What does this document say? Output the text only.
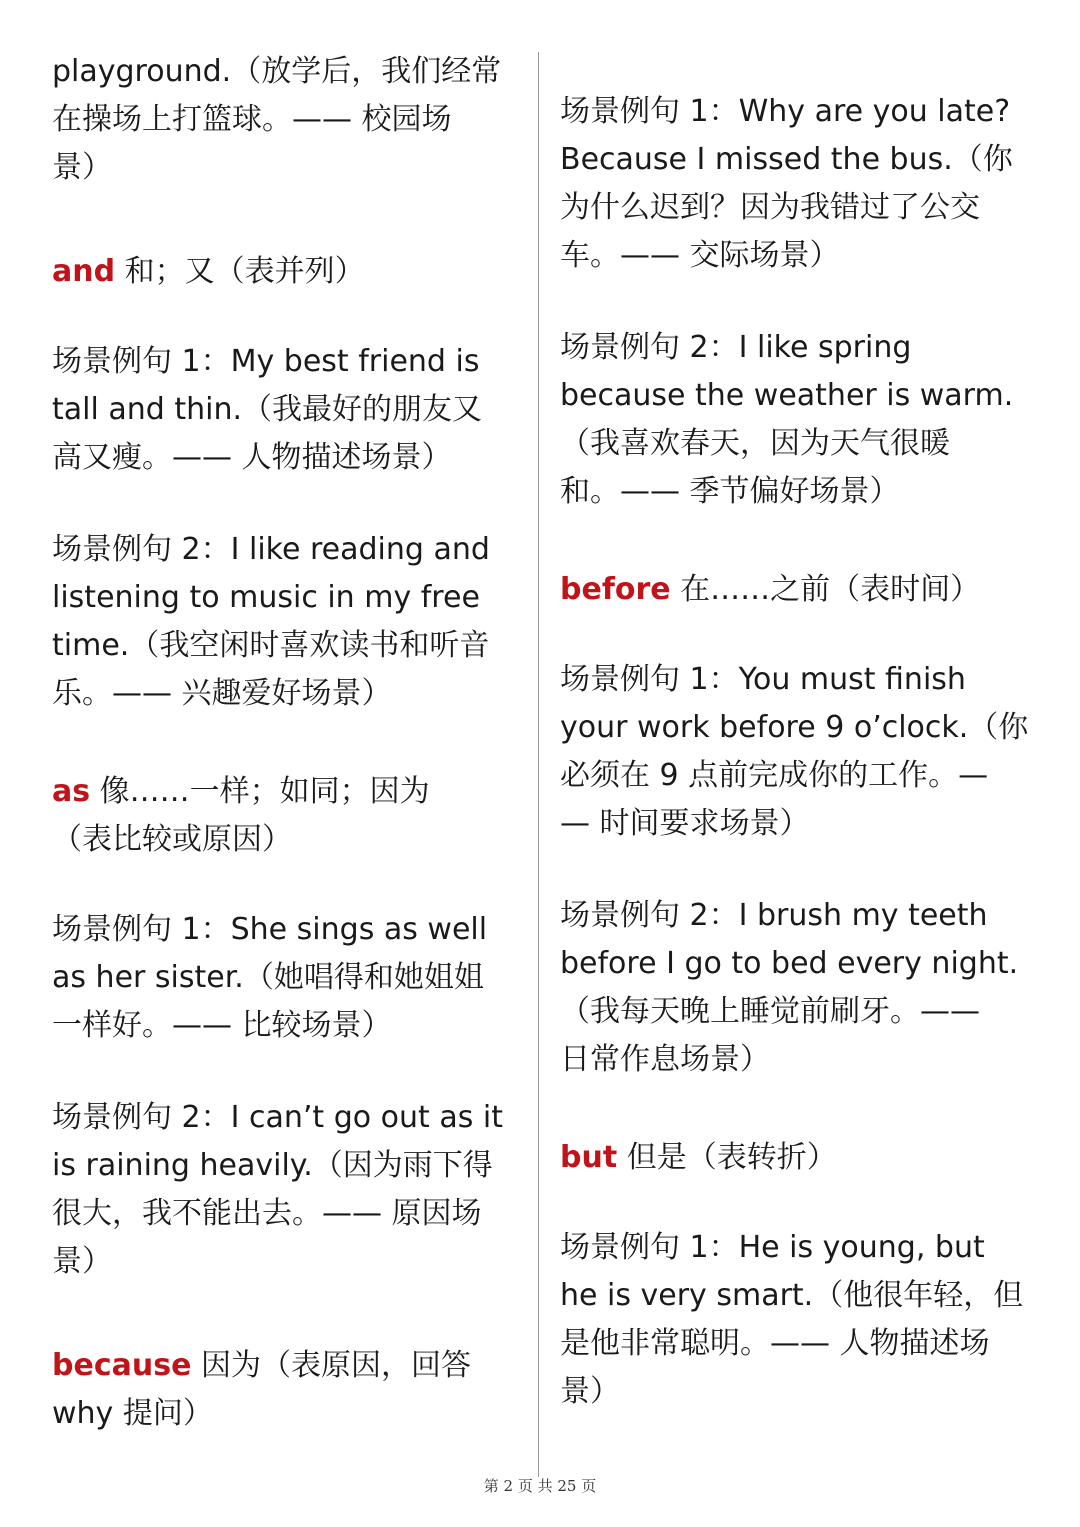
playground.（放学后，我们经常
在操场上打篮球。—— 校园场
景）

and 和；又（表并列）

场景例句 1：My best friend is
tall and thin.（我最好的朋友又
高又瘦。—— 人物描述场景）

场景例句 2：I like reading and
listening to music in my free
time.（我空闲时喜欢读书和听音
乐。—— 兴趣爱好场景）

as 像……一样；如同；因为
（表比较或原因）

场景例句 1：She sings as well
as her sister.（她唱得和她姐姐
一样好。—— 比较场景）

场景例句 2：I can’t go out as it
is raining heavily.（因为雨下得
很大，我不能出去。—— 原因场
景）

because 因为（表原因，回答
why 提问）

场景例句 1：Why are you late?
Because I missed the bus.（你
为什么迟到？因为我错过了公交
车。—— 交际场景）

场景例句 2：I like spring
because the weather is warm.
（我喜欢春天，因为天气很暖
和。—— 季节偏好场景）

before 在……之前（表时间）

场景例句 1：You must finish
your work before 9 o’clock.（你
必须在 9 点前完成你的工作。—
— 时间要求场景）

场景例句 2：I brush my teeth
before I go to bed every night.
（我每天晚上睡觉前刷牙。——
日常作息场景）

but 但是（表转折）

场景例句 1：He is young, but
he is very smart.（他很年轻，但
是他非常聪明。—— 人物描述场
景）

第 2 页 共 25 页
